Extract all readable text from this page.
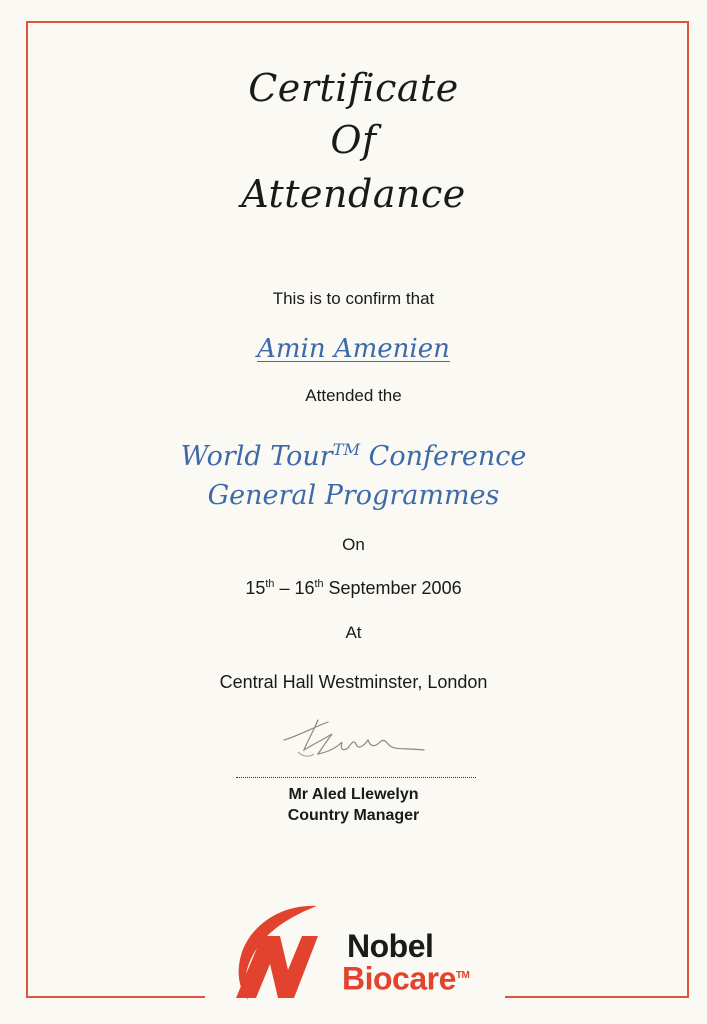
Certificate
Of
Attendance
This is to confirm that
Amin Amenien
Attended the
World Tour™ Conference
General Programmes
On
15th – 16th September 2006
At
Central Hall Westminster, London
Mr Aled Llewelyn
Country Manager
Nobel
Biocare™
